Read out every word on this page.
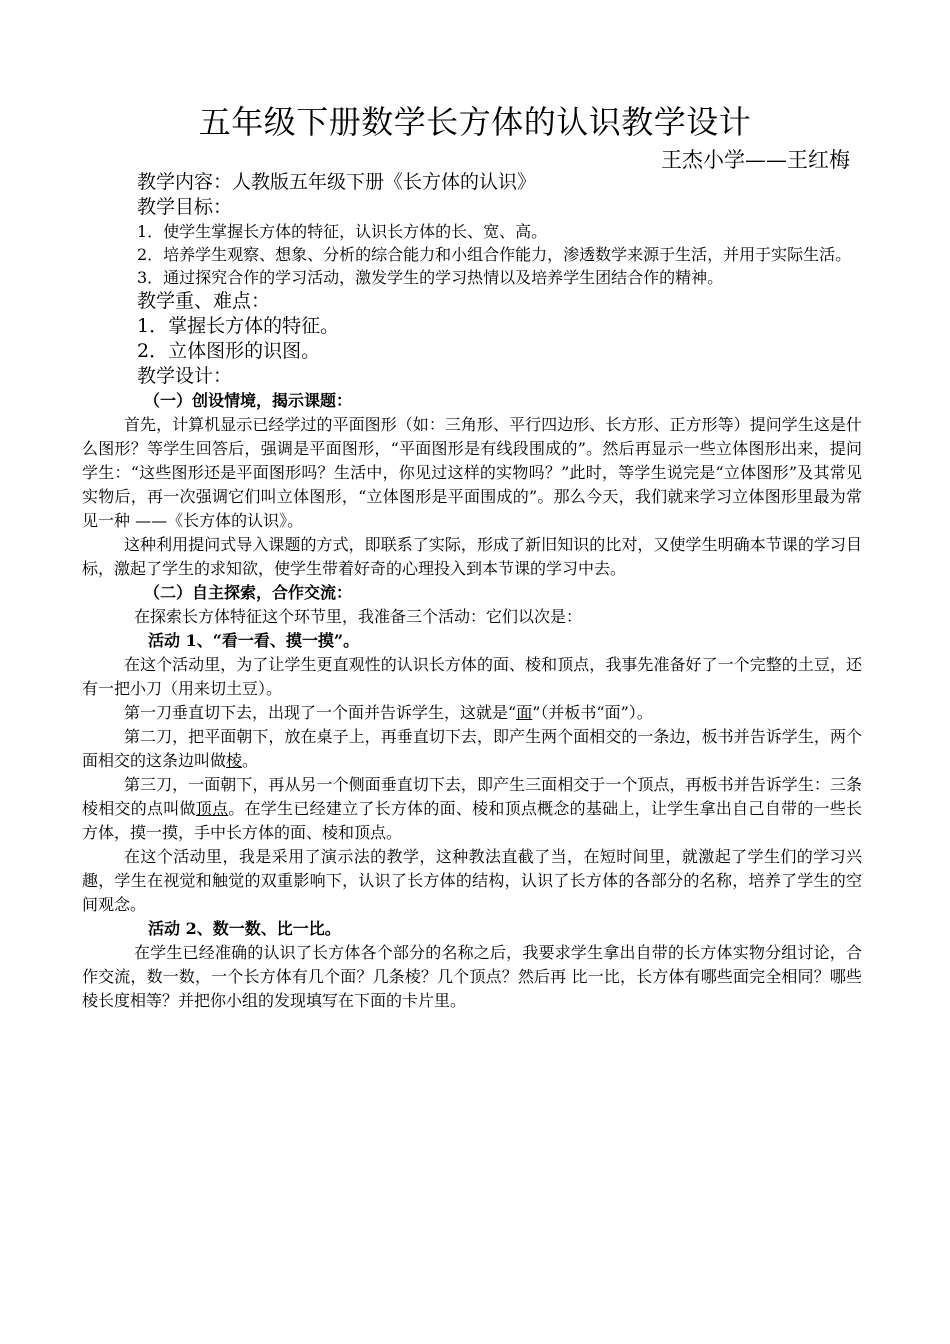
五年级下册数学长方体的认识教学设计
王杰小学——王红梅

教学内容：人教版五年级下册《长方体的认识》

教学目标：

1．使学生掌握长方体的特征，认识长方体的长、宽、高。

2．培养学生观察、想象、分析的综合能力和小组合作能力，渗透数学来源于生活，并用于实际生活。

3．通过探究合作的学习活动，激发学生的学习热情以及培养学生团结合作的精神。

教学重、难点：

1．掌握长方体的特征。

2．立体图形的识图。

教学设计：

（一）创设情境，揭示课题：

首先，计算机显示已经学过的平面图形（如：三角形、平行四边形、长方形、正方形等）提问学生这是什么图形？等学生回答后，强调是平面图形，“平面图形是有线段围成的”。然后再显示一些立体图形出来，提问学生：“这些图形还是平面图形吗？生活中，你见过这样的实物吗？”此时，等学生说完是“立体图形”及其常见实物后，再一次强调它们叫立体图形，“立体图形是平面围成的”。那么今天，我们就来学习立体图形里最为常见一种 ——《长方体的认识》。

这种利用提问式导入课题的方式，即联系了实际，形成了新旧知识的比对，又使学生明确本节课的学习目标，激起了学生的求知欲，使学生带着好奇的心理投入到本节课的学习中去。

（二）自主探索，合作交流：

在探索长方体特征这个环节里，我准备三个活动：它们以次是：

活动 1、“看一看、摸一摸”。

在这个活动里，为了让学生更直观性的认识长方体的面、棱和顶点，我事先准备好了一个完整的土豆，还有一把小刀（用来切土豆）。

第一刀垂直切下去，出现了一个面并告诉学生，这就是“面”（并板书“面”）。

第二刀，把平面朝下，放在桌子上，再垂直切下去，即产生两个面相交的一条边，板书并告诉学生，两个面相交的这条边叫做棱。

第三刀，一面朝下，再从另一个侧面垂直切下去，即产生三面相交于一个顶点，再板书并告诉学生：三条棱相交的点叫做顶点。在学生已经建立了长方体的面、棱和顶点概念的基础上，让学生拿出自己自带的一些长方体，摸一摸，手中长方体的面、棱和顶点。

在这个活动里，我是采用了演示法的教学，这种教法直截了当，在短时间里，就激起了学生们的学习兴趣，学生在视觉和触觉的双重影响下，认识了长方体的结构，认识了长方体的各部分的名称，培养了学生的空间观念。

活动 2、数一数、比一比。

在学生已经准确的认识了长方体各个部分的名称之后，我要求学生拿出自带的长方体实物分组讨论，合作交流，数一数，一个长方体有几个面？几条棱？几个顶点？然后再 比一比，长方体有哪些面完全相同？哪些棱长度相等？并把你小组的发现填写在下面的卡片里。
